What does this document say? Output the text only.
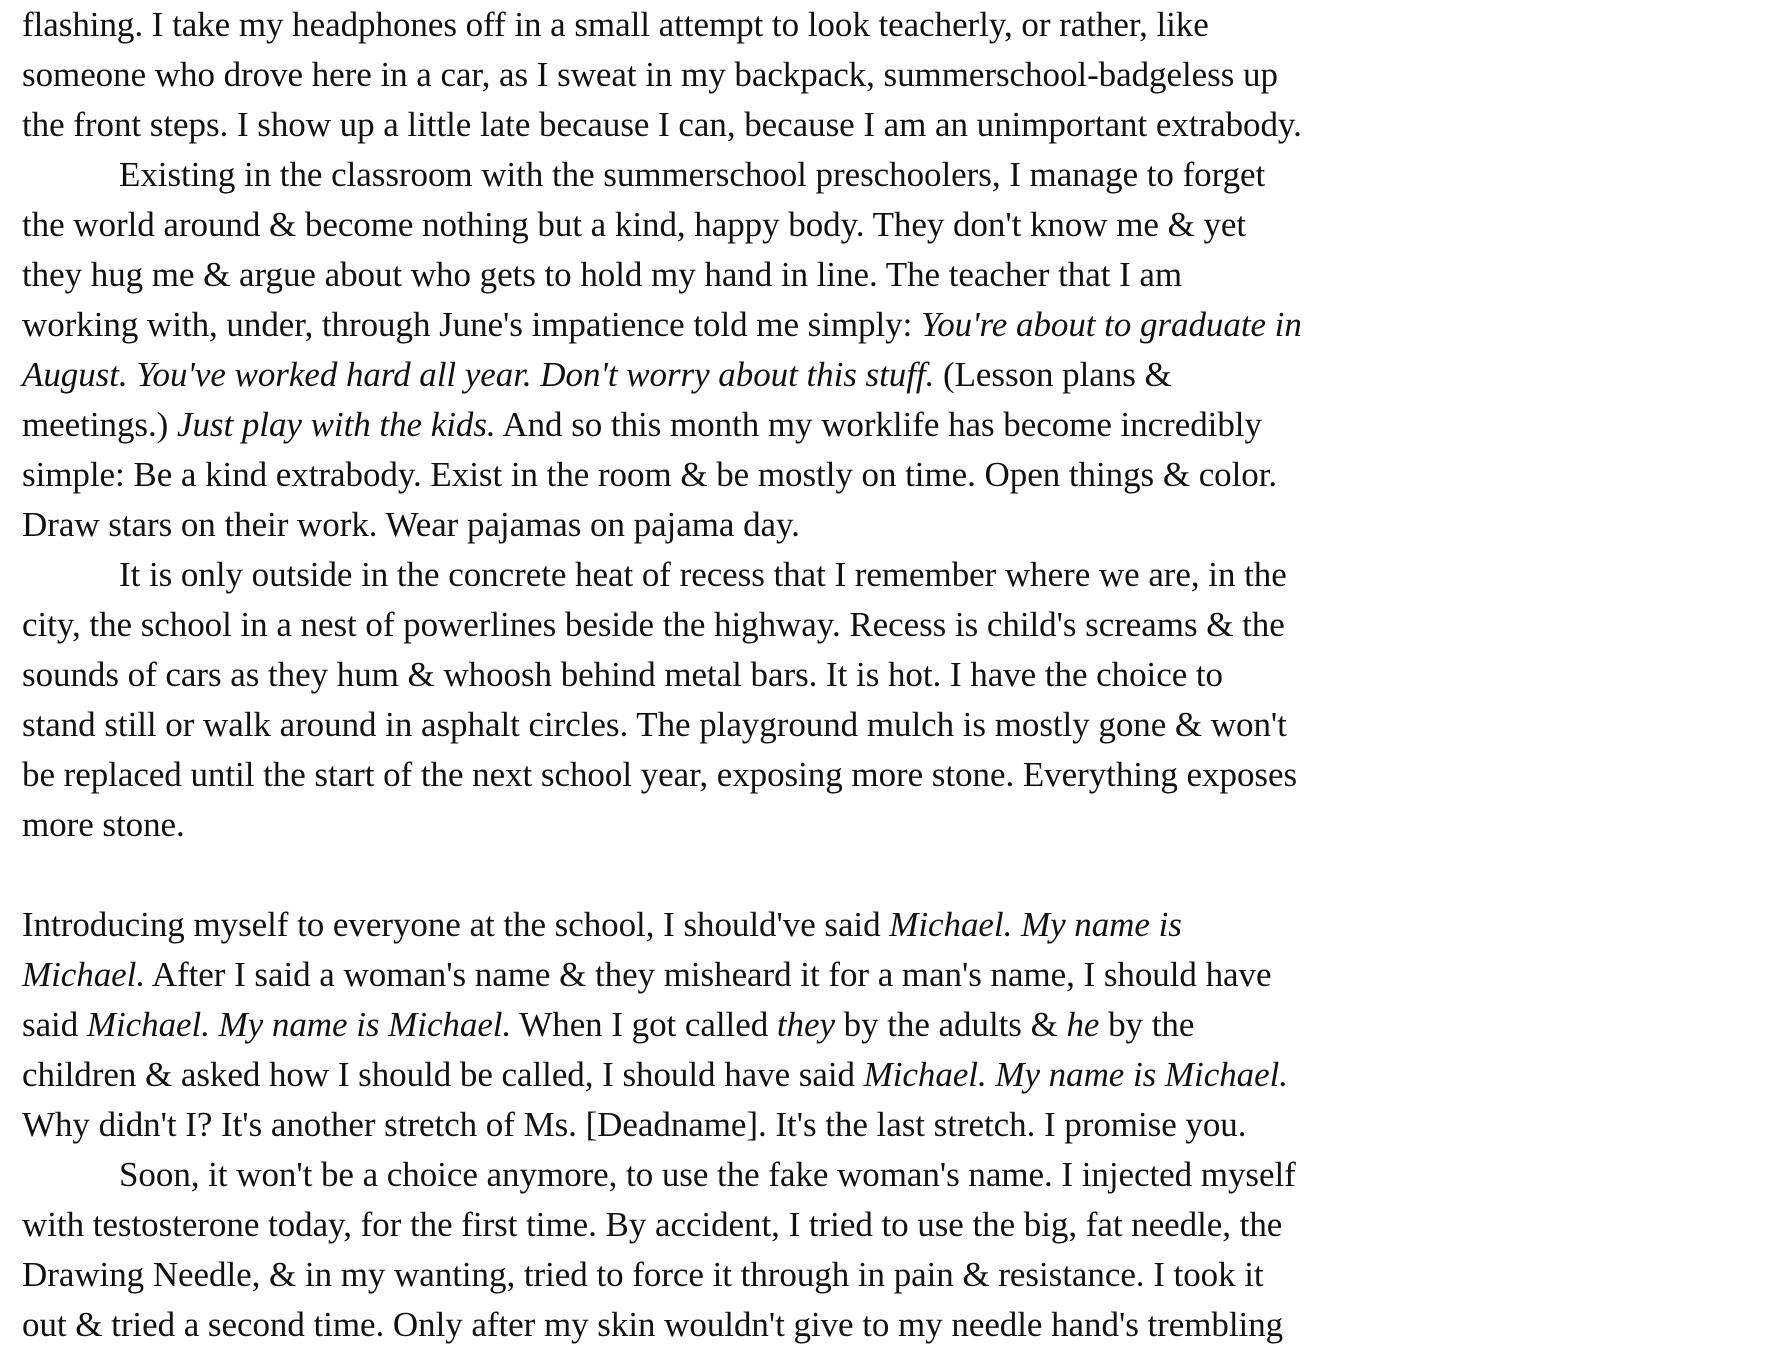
flashing. I take my headphones off in a small attempt to look teacherly, or rather, like
someone who drove here in a car, as I sweat in my backpack, summerschool-badgeless up
the front steps. I show up a little late because I can, because I am an unimportant extrabody.
Existing in the classroom with the summerschool preschoolers, I manage to forget
the world around & become nothing but a kind, happy body. They don't know me & yet
they hug me & argue about who gets to hold my hand in line. The teacher that I am
working with, under, through June's impatience told me simply: You're about to graduate in
August. You've worked hard all year. Don't worry about this stuff. (Lesson plans &
meetings.) Just play with the kids. And so this month my worklife has become incredibly
simple: Be a kind extrabody. Exist in the room & be mostly on time. Open things & color.
Draw stars on their work. Wear pajamas on pajama day.
It is only outside in the concrete heat of recess that I remember where we are, in the
city, the school in a nest of powerlines beside the highway. Recess is child's screams & the
sounds of cars as they hum & whoosh behind metal bars. It is hot. I have the choice to
stand still or walk around in asphalt circles. The playground mulch is mostly gone & won't
be replaced until the start of the next school year, exposing more stone. Everything exposes
more stone.
Introducing myself to everyone at the school, I should've said Michael. My name is
Michael. After I said a woman's name & they misheard it for a man's name, I should have
said Michael. My name is Michael. When I got called they by the adults & he by the
children & asked how I should be called, I should have said Michael. My name is Michael.
Why didn't I? It's another stretch of Ms. [Deadname]. It's the last stretch. I promise you.
Soon, it won't be a choice anymore, to use the fake woman's name. I injected myself
with testosterone today, for the first time. By accident, I tried to use the big, fat needle, the
Drawing Needle, & in my wanting, tried to force it through in pain & resistance. I took it
out & tried a second time. Only after my skin wouldn't give to my needle hand's trembling
